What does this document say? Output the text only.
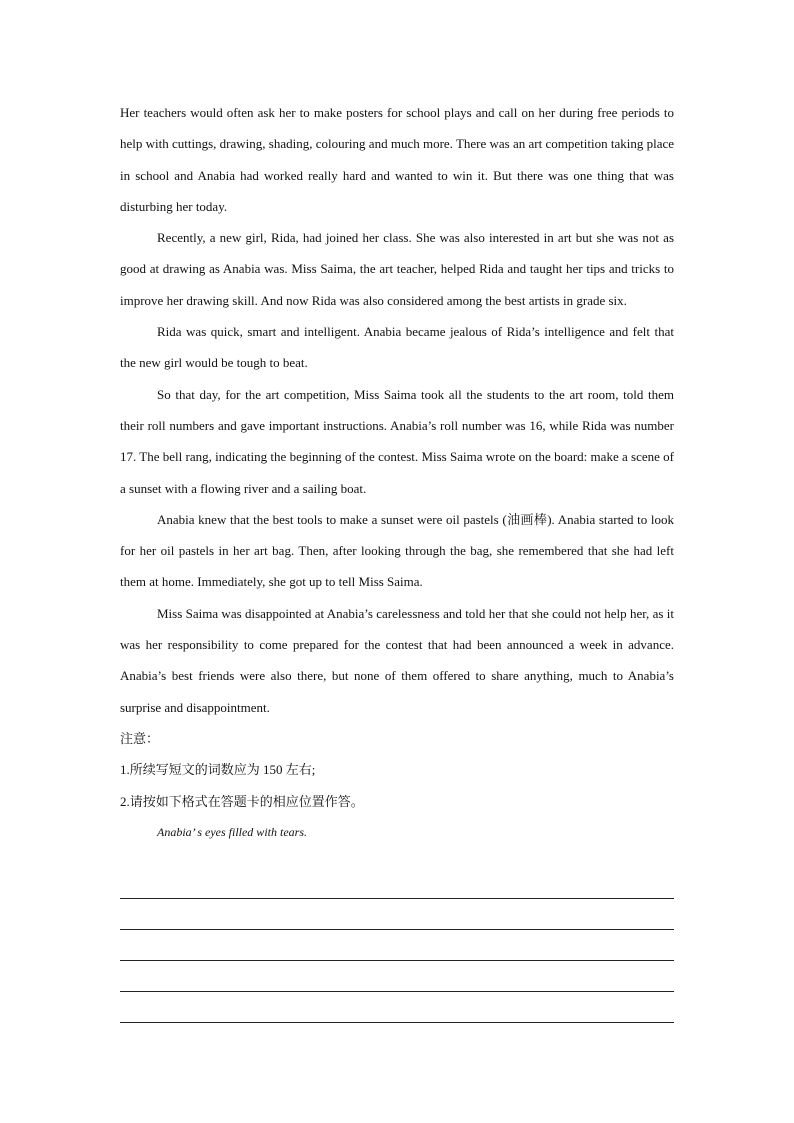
Her teachers would often ask her to make posters for school plays and call on her during free periods to help with cuttings, drawing, shading, colouring and much more. There was an art competition taking place in school and Anabia had worked really hard and wanted to win it. But there was one thing that was disturbing her today.

Recently, a new girl, Rida, had joined her class. She was also interested in art but she was not as good at drawing as Anabia was. Miss Saima, the art teacher, helped Rida and taught her tips and tricks to improve her drawing skill. And now Rida was also considered among the best artists in grade six.

Rida was quick, smart and intelligent. Anabia became jealous of Rida’s intelligence and felt that the new girl would be tough to beat.

So that day, for the art competition, Miss Saima took all the students to the art room, told them their roll numbers and gave important instructions. Anabia’s roll number was 16, while Rida was number 17. The bell rang, indicating the beginning of the contest. Miss Saima wrote on the board: make a scene of a sunset with a flowing river and a sailing boat.

Anabia knew that the best tools to make a sunset were oil pastels (油画棒). Anabia started to look for her oil pastels in her art bag. Then, after looking through the bag, she remembered that she had left them at home. Immediately, she got up to tell Miss Saima.

Miss Saima was disappointed at Anabia’s carelessness and told her that she could not help her, as it was her responsibility to come prepared for the contest that had been announced a week in advance. Anabia’s best friends were also there, but none of them offered to share anything, much to Anabia’s surprise and disappointment.

注意：

1.所续写短文的词数应为 150 左右;

2.请按如下格式在答题卡的相应位置作答。

Anabia’ s eyes filled with tears.
